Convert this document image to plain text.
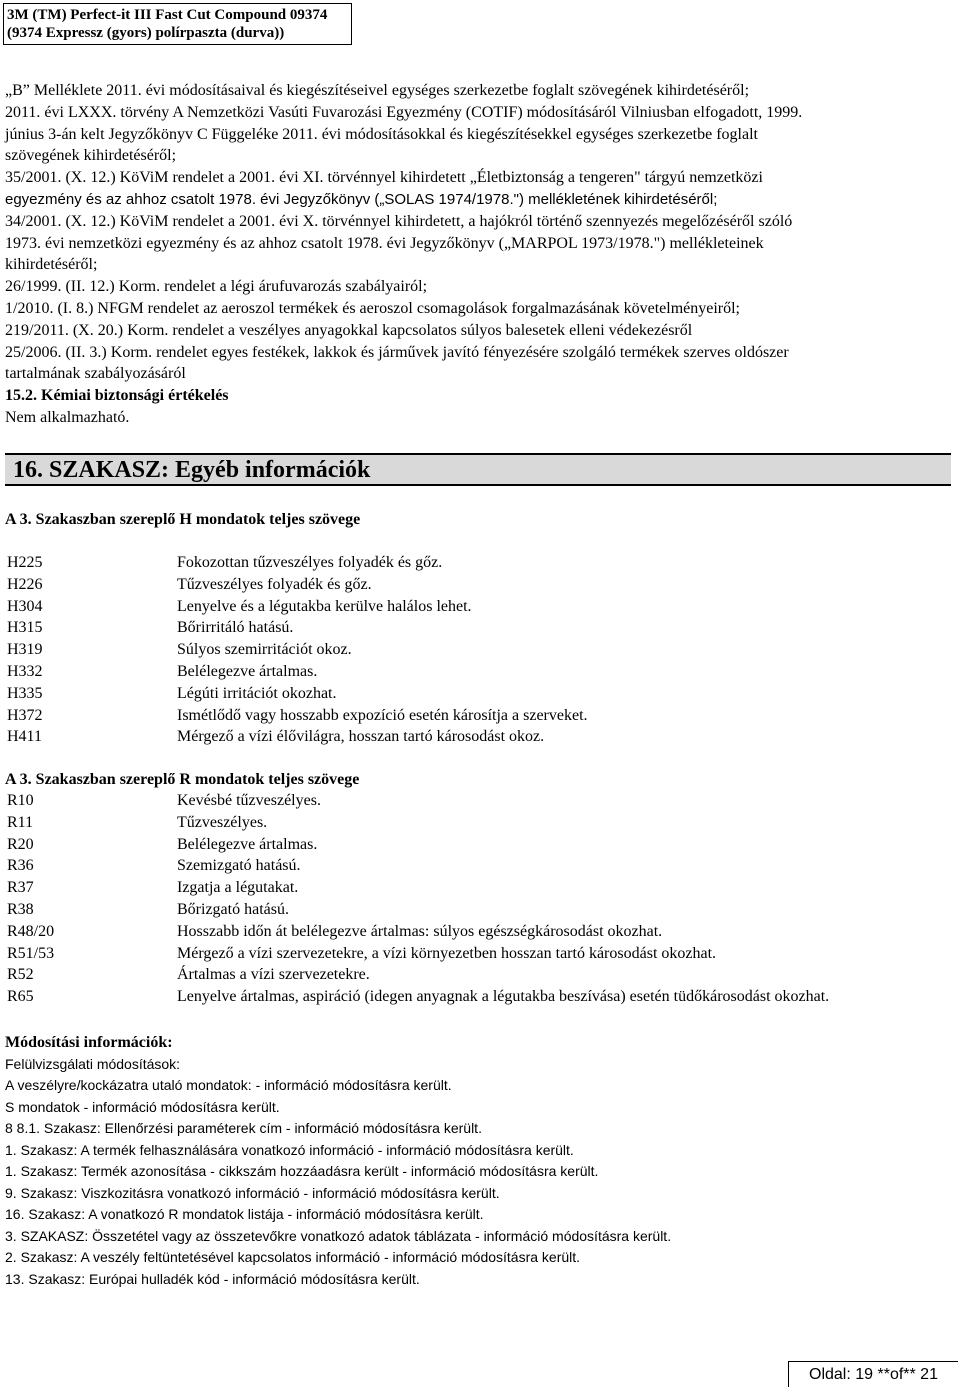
3M (TM) Perfect-it III Fast Cut Compound 09374
(9374 Expressz (gyors) polírpaszta (durva))
„B” Melléklete 2011. évi módosításaival és kiegészítéseivel egységes szerkezetbe foglalt szövegének kihirdetéséről;
2011. évi LXXX. törvény A Nemzetközi Vasúti Fuvarozási Egyezmény (COTIF) módosításáról Vilniusban elfogadott, 1999.
június 3-án kelt Jegyzőkönyv C Függeléke 2011. évi módosításokkal és kiegészítésekkel egységes szerkezetbe foglalt
szövegének kihirdetéséről;
35/2001. (X. 12.) KöViM rendelet a 2001. évi XI. törvénnyel kihirdetett „Életbiztonság a tengeren" tárgyú nemzetközi
egyezmény és az ahhoz csatolt 1978. évi Jegyzőkönyv („SOLAS 1974/1978.") mellékletének kihirdetéséről;
34/2001. (X. 12.) KöViM rendelet a 2001. évi X. törvénnyel kihirdetett, a hajókról történő szennyezés megelőzéséről szóló
1973. évi nemzetközi egyezmény és az ahhoz csatolt 1978. évi Jegyzőkönyv („MARPOL 1973/1978.") mellékleteinek
kihirdetéséről;
26/1999. (II. 12.) Korm. rendelet a légi árufuvarozás szabályairól;
1/2010. (I. 8.) NFGM rendelet az aeroszol termékek és aeroszol csomagolások forgalmazásának követelményeiről;
219/2011. (X. 20.) Korm. rendelet a veszélyes anyagokkal kapcsolatos súlyos balesetek elleni védekezésről
25/2006. (II. 3.) Korm. rendelet egyes festékek, lakkok és járművek javító fényezésére szolgáló termékek szerves oldószer
tartalmának szabályozásáról
15.2. Kémiai biztonsági értékelés
Nem alkalmazható.
16. SZAKASZ: Egyéb információk
A 3. Szakaszban szereplő H mondatok teljes szövege
H225	Fokozottan tűzveszélyes folyadék és gőz.
H226	Tűzveszélyes folyadék és gőz.
H304	Lenyelve és a légutakba kerülve halálos lehet.
H315	Bőrirritáló hatású.
H319	Súlyos szemirritációt okoz.
H332	Belélegezve ártalmas.
H335	Légúti irritációt okozhat.
H372	Ismétlődő vagy hosszabb expozíció esetén károsítja a szerveket.
H411	Mérgező a vízi élővilágra, hosszan tartó károsodást okoz.
A 3. Szakaszban szereplő R mondatok teljes szövege
R10	Kevésbé tűzveszélyes.
R11	Tűzveszélyes.
R20	Belélegezve ártalmas.
R36	Szemizgató hatású.
R37	Izgatja a légutakat.
R38	Bőrizgató hatású.
R48/20	Hosszabb időn át belélegezve ártalmas: súlyos egészségkárosodást okozhat.
R51/53	Mérgező a vízi szervezetekre, a vízi környezetben hosszan tartó károsodást okozhat.
R52	Ártalmas a vízi szervezetekre.
R65	Lenyelve ártalmas, aspiráció (idegen anyagnak a légutakba beszívása) esetén tüdőkárosodást okozhat.
Módosítási információk:
Felülvizsgálati módosítások:
A veszélyre/kockázatra utaló mondatok: - információ módosításra került.
S mondatok - információ módosításra került.
8 8.1. Szakasz: Ellenőrzési paraméterek cím - információ módosításra került.
1. Szakasz: A termék felhasználására vonatkozó információ - információ módosításra került.
1. Szakasz: Termék azonosítása - cikkszám hozzáadásra került - információ módosításra került.
9. Szakasz: Viszkozitásra vonatkozó információ - információ módosításra került.
16. Szakasz: A vonatkozó R mondatok listája - információ módosításra került.
3. SZAKASZ: Összetétel vagy az összetevőkre vonatkozó adatok táblázata - információ módosításra került.
2. Szakasz: A veszély feltüntetésével kapcsolatos információ - információ módosításra került.
13. Szakasz: Európai hulladék kód - információ módosításra került.
Oldal: 19 **of** 21
